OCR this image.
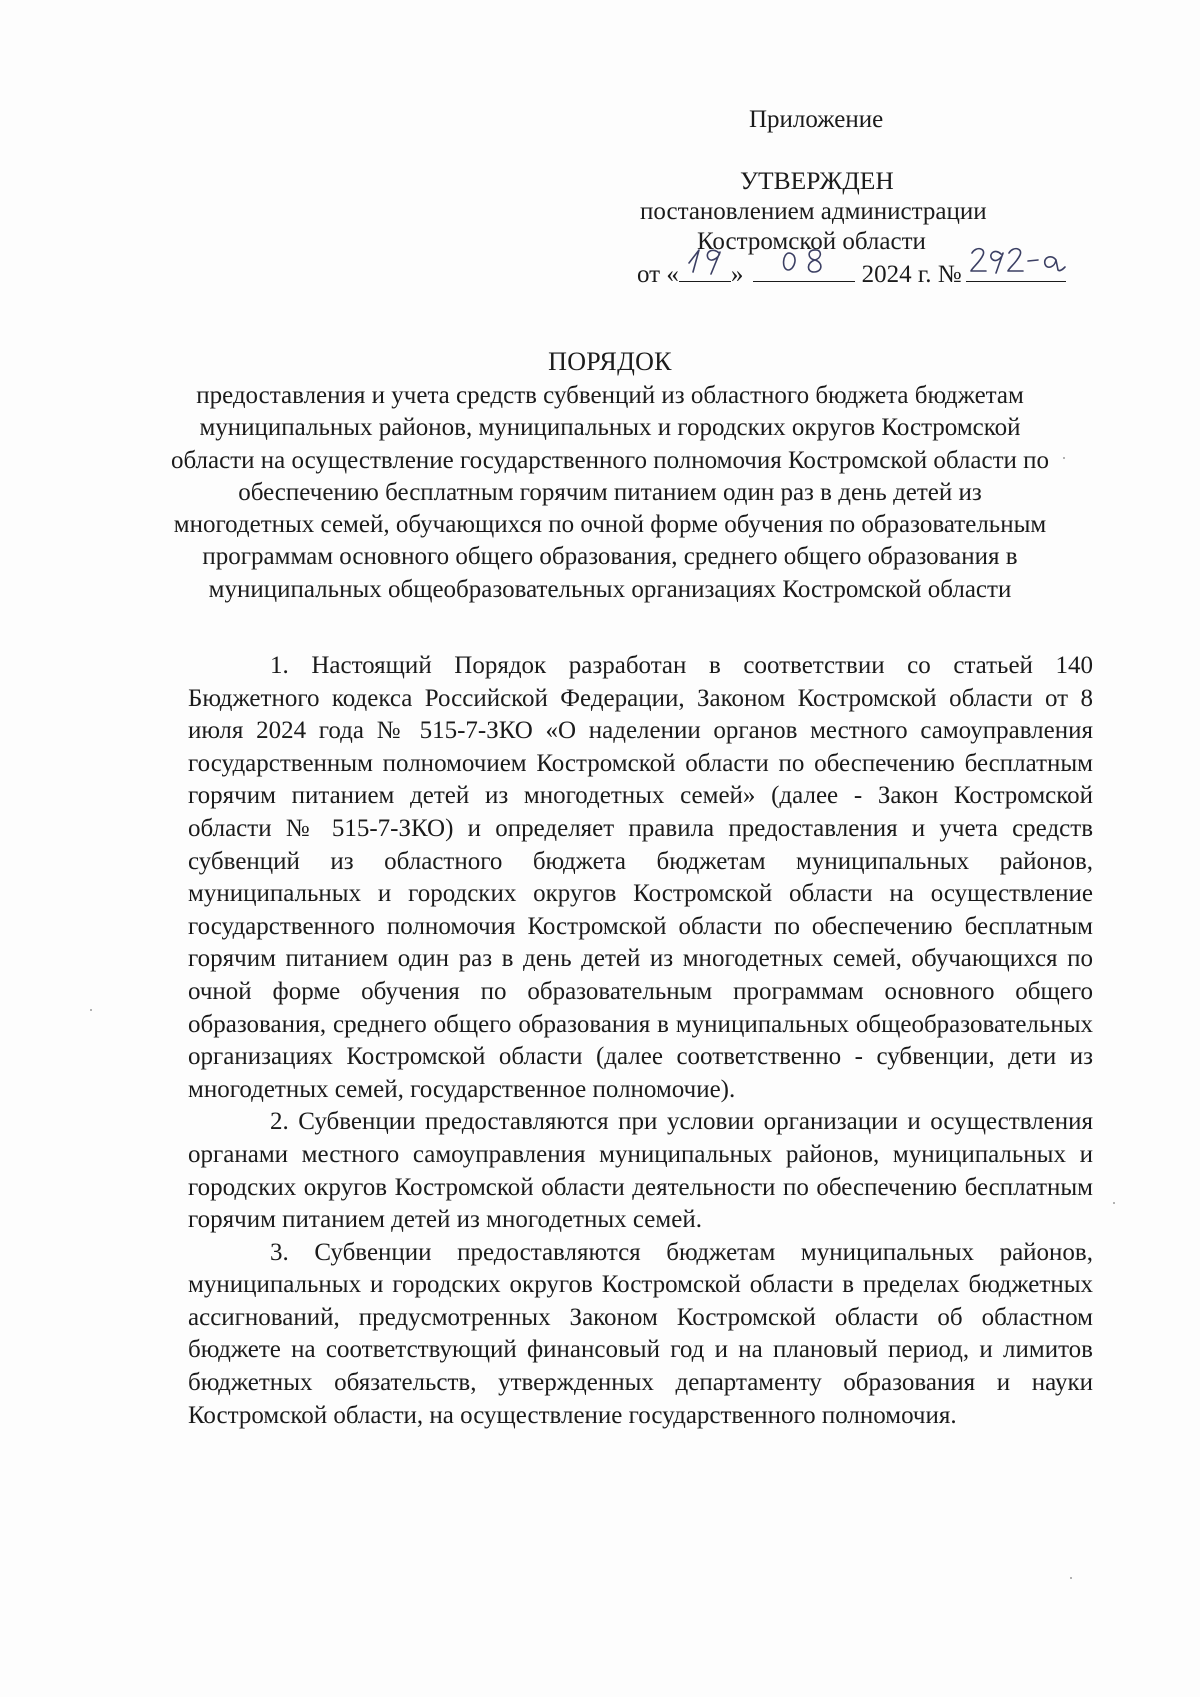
Приложение
УТВЕРЖДЕН
постановлением администрации
Костромской области
от « »	2024 г. №
ПОРЯДОК
предоставления и учета средств субвенций из областного бюджета бюджетам муниципальных районов, муниципальных и городских округов Костромской области на осуществление государственного полномочия Костромской области по обеспечению бесплатным горячим питанием один раз в день детей из многодетных семей, обучающихся по очной форме обучения по образовательным программам основного общего образования, среднего общего образования в муниципальных общеобразовательных организациях Костромской области

1. Настоящий Порядок разработан в соответствии со статьей 140 Бюджетного кодекса Российской Федерации, Законом Костромской области от 8 июля 2024 года № 515-7-ЗКО «О наделении органов местного самоуправления государственным полномочием Костромской области по обеспечению бесплатным горячим питанием детей из многодетных семей» (далее - Закон Костромской области № 515-7-ЗКО) и определяет правила предоставления и учета средств субвенций из областного бюджета бюджетам муниципальных районов, муниципальных и городских округов Костромской области на осуществление государственного полномочия Костромской области по обеспечению бесплатным горячим питанием один раз в день детей из многодетных семей, обучающихся по очной форме обучения по образовательным программам основного общего образования, среднего общего образования в муниципальных общеобразовательных организациях Костромской области (далее соответственно - субвенции, дети из многодетных семей, государственное полномочие).

2. Субвенции предоставляются при условии организации и осуществления органами местного самоуправления муниципальных районов, муниципальных и городских округов Костромской области деятельности по обеспечению бесплатным горячим питанием детей из многодетных семей.

3. Субвенции предоставляются бюджетам муниципальных районов, муниципальных и городских округов Костромской области в пределах бюджетных ассигнований, предусмотренных Законом Костромской области об областном бюджете на соответствующий финансовый год и на плановый период, и лимитов бюджетных обязательств, утвержденных департаменту образования и науки Костромской области, на осуществление государственного полномочия.
